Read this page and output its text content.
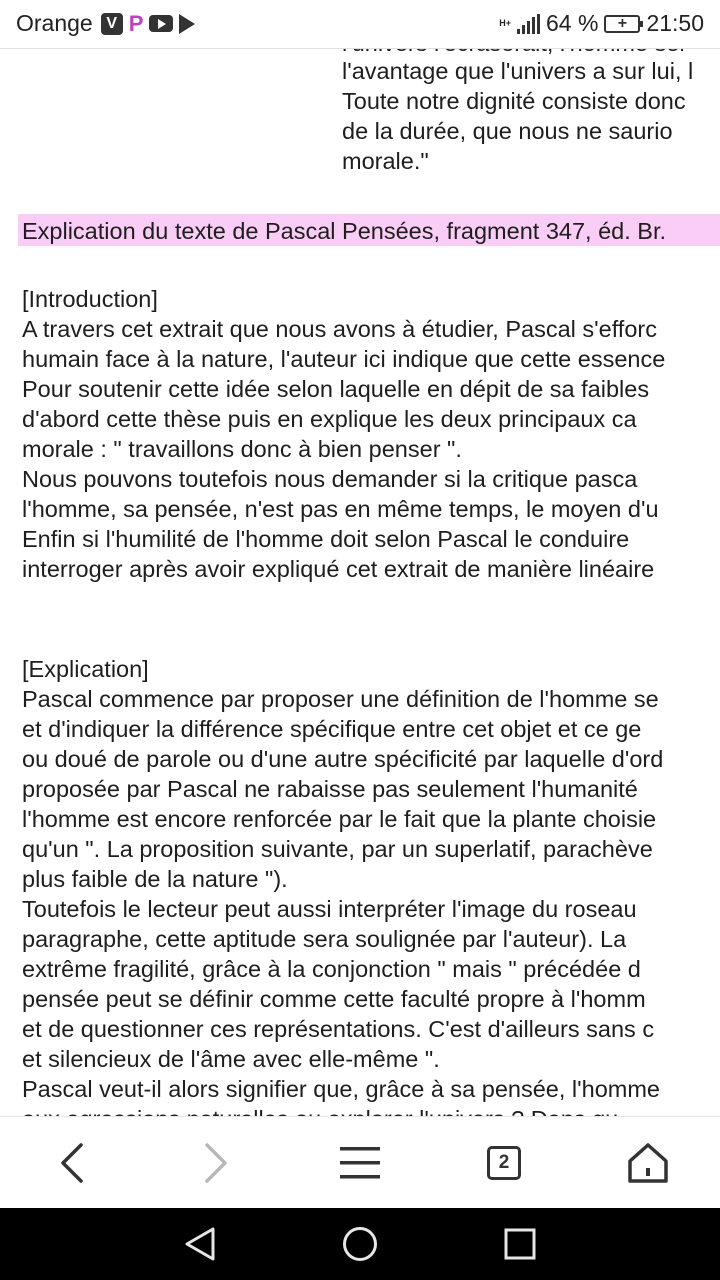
Orange V P	H+ 64 % + 21:50
l'avantage que l'univers a sur lui, l
Toute notre dignité consiste donc
de la durée, que nous ne saurio
morale."
Explication du texte de Pascal Pensées, fragment 347, éd. Br.
[Introduction]
A travers cet extrait que nous avons à étudier, Pascal s'efforc
humain face à la nature, l'auteur ici indique que cette essence
Pour soutenir cette idée selon laquelle en dépit de sa faibles
d'abord cette thèse puis en explique les deux principaux ca
morale : " travaillons donc à bien penser ".
Nous pouvons toutefois nous demander si la critique pasca
l'homme, sa pensée, n'est pas en même temps, le moyen d'u
Enfin si l'humilité de l'homme doit selon Pascal le conduire
interroger après avoir expliqué cet extrait de manière linéaire
[Explication]
Pascal commence par proposer une définition de l'homme se
et d'indiquer la différence spécifique entre cet objet et ce ge
ou doué de parole ou d'une autre spécificité par laquelle d'ord
proposée par Pascal ne rabaisse pas seulement l'humanité
l'homme est encore renforcée par le fait que la plante choisie
qu'un ". La proposition suivante, par un superlatif, parachève
plus faible de la nature ").
Toutefois le lecteur peut aussi interpréter l'image du roseau
paragraphe, cette aptitude sera soulignée par l'auteur). La
extrême fragilité, grâce à la conjonction " mais " précédée d
pensée peut se définir comme cette faculté propre à l'homm
et de questionner ces représentations. C'est d'ailleurs sans c
et silencieux de l'âme avec elle-même ".
Pascal veut-il alors signifier que, grâce à sa pensée, l'homme
2
